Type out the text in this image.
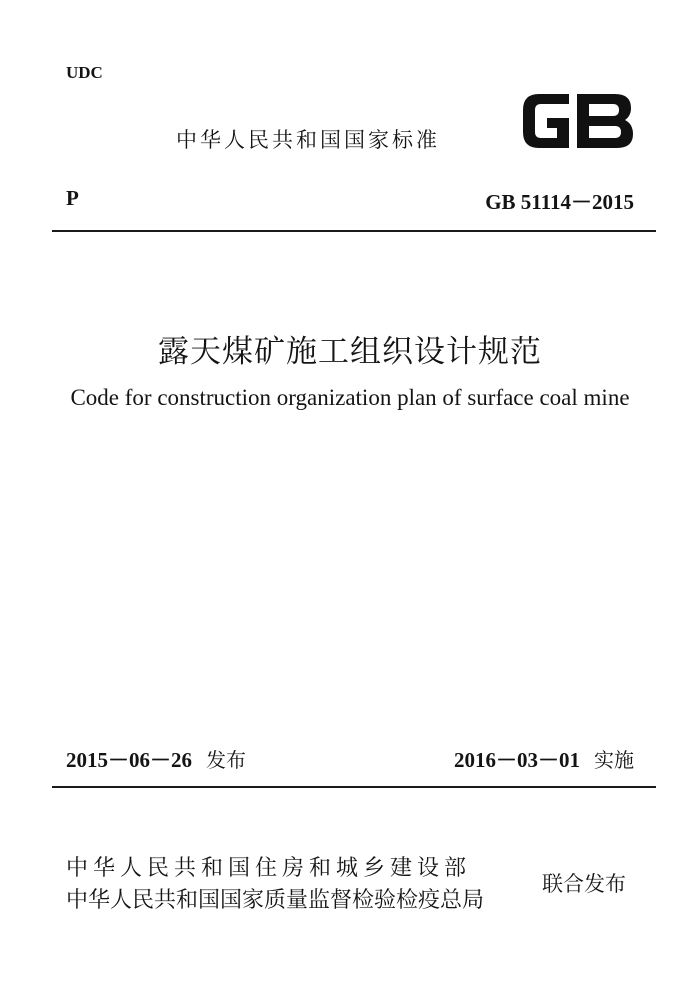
UDC
中华人民共和国国家标准
P	GB 51114－2015
露天煤矿施工组织设计规范
Code for construction organization plan of surface coal mine
2015－06－26 发布	2016－03－01 实施
中华人民共和国住房和城乡建设部
中华人民共和国国家质量监督检验检疫总局
联合发布
